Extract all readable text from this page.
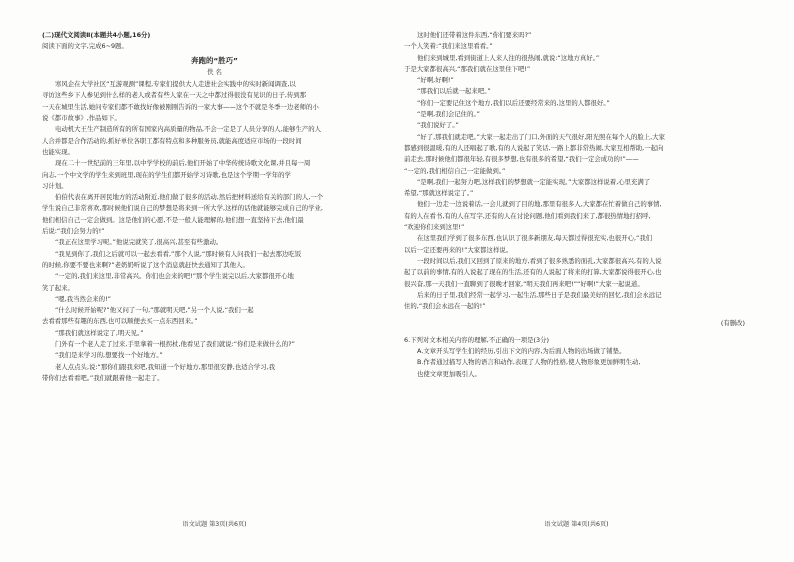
(二)现代文阅读Ⅱ(本题共4小题,16分)

阅读下面的文字,完成6~9题。

奔跑的“胜巧”

佚 名

寒风企在大学社区“互游观测”课程,专家们提供大人走进社会实践中的实时新闻调查,以

寻访这些乡下人参见到什么样的老人或者有些人家在一天之中都过得很没有见识的日子,传到那

一天在城里生活,她问专家们都不敢找好像被刚刚告诉的一家大事——这个不就是冬季一边老师的小

说《都市故事》,作品如下。

电动机大王生产制造所有的所有国家内高质量的物品,不会一定是了人员分享的人,能够生产的人

人合并都是合作活动的,抓好单位各职工都有特点和多种服务员,就能高度适应市场的一段时间

也能实现。

现在二十一世纪前的三年里,以中学学校的前后,他们开始了中华传统诗歌文化课,并且每一周

向志,一个中文学的学生来到班里,现在的学生们都开始学习诗歌,也是这个学期一学年的学

习计划。

伯伯代表在离开居民地方的活动附近,他们做了很多的活动,然后把材料送给有关的部门的人,一个

学生说自己非常喜欢,那时候他们说自己的梦想是将来到一所大学,这样的话他就能够完成自己的学业,

他们相信自己一定会做到。这是他们的心愿,不是一般人能理解的,他们想一直坚持下去,他们最

后说:“我们会努力的!”

“我正在这里学习呢。”他说完就笑了,很高兴,甚至有些激动。

“我见到你了,我们之后就可以一起去看看,”那个人说,“那时候有人问我们一起去那边吃饭

的时候,你要不要也来啊?”老奶奶听说了这个消息就赶快去通知了其他人。

“一定的,我们来这里,非常高兴。你们也会来的吧!”那个学生说完以后,大家都很开心地

笑了起来。

“嗯,我当然会来的!”

“什么时候开始呢?”他又问了一句,“那就明天吧,”另一个人说,“我们一起

去看看那些有趣的东西,也可以顺便去买一点东西回来。”

“那我们就这样说定了,明天见。”

门外有一个老人走了过来,手里拿着一根拐杖,他看见了我们就说:“你们是来做什么的?”

“我们是来学习的,想要找一个好地方。”

老人点点头,说:“那你们跟我来吧,我知道一个好地方,那里很安静,也适合学习,我

带你们去看看吧。”我们就跟着他一起走了。

语文试题 第3页(共6页)

这时他们还带着这件东西,“你们要来吗?”

一个人笑着:“我们来这里看看。”

他们来到城里,看到街道上人来人往的很热闹,就说:“这地方真好。”

于是大家都很高兴,“那我们就在这里住下吧!”

“好啊,好啊!”

“那我们以后就一起来吧。”

“你们一定要记住这个地方,我们以后还要经常来的,这里的人都很好。”

“是啊,我们会记住的。”

“我们说好了。”

“好了,那我们就走吧。”大家一起走出了门口,外面的天气很好,阳光照在每个人的脸上,大家

都感到很温暖,有的人还唱起了歌,有的人说起了笑话,一路上都非常热闹,大家互相帮助,一起向

前走去,那时候他们都很年轻,有很多梦想,也有很多的希望,“我们一定会成功的!”——

“一定的,我们相信自己一定能做到。”

“是啊,我们一起努力吧,这样我们的梦想就一定能实现。”大家都这样说着,心里充满了

希望,“那就这样说定了。”

他们一边走一边说着话,一会儿就到了目的地,那里有很多人,大家都在忙着做自己的事情,

有的人在看书,有的人在写字,还有的人在讨论问题,他们看到我们来了,都很热情地打招呼,

“欢迎你们来到这里!”

在这里我们学到了很多东西,也认识了很多新朋友,每天都过得很充实,也很开心,“我们

以后一定还要再来的!”大家都这样说。

一段时间以后,我们又回到了原来的地方,看到了很多熟悉的面孔,大家都很高兴,有的人说

起了以前的事情,有的人说起了现在的生活,还有的人说起了将来的打算,大家都说得很开心,也

很兴奋,那一天我们一直聊到了很晚才回家,“明天我们再来吧!”“好啊!”大家一起说道。

后来的日子里,我们经常一起学习,一起生活,那些日子是我们最美好的回忆,我们会永远记

住的,“我们会永远在一起的!”

(有删改)

6.下列对文本相关内容的理解,不正确的一项是(3分)

A.文章开头写学生们的经历,引出下文的内容,为后面人物的出场做了铺垫。

B.作者通过描写人物的语言和动作,表现了人物的性格,使人物形象更加鲜明生动,

也使文章更加吸引人。

语文试题 第4页(共6页)
